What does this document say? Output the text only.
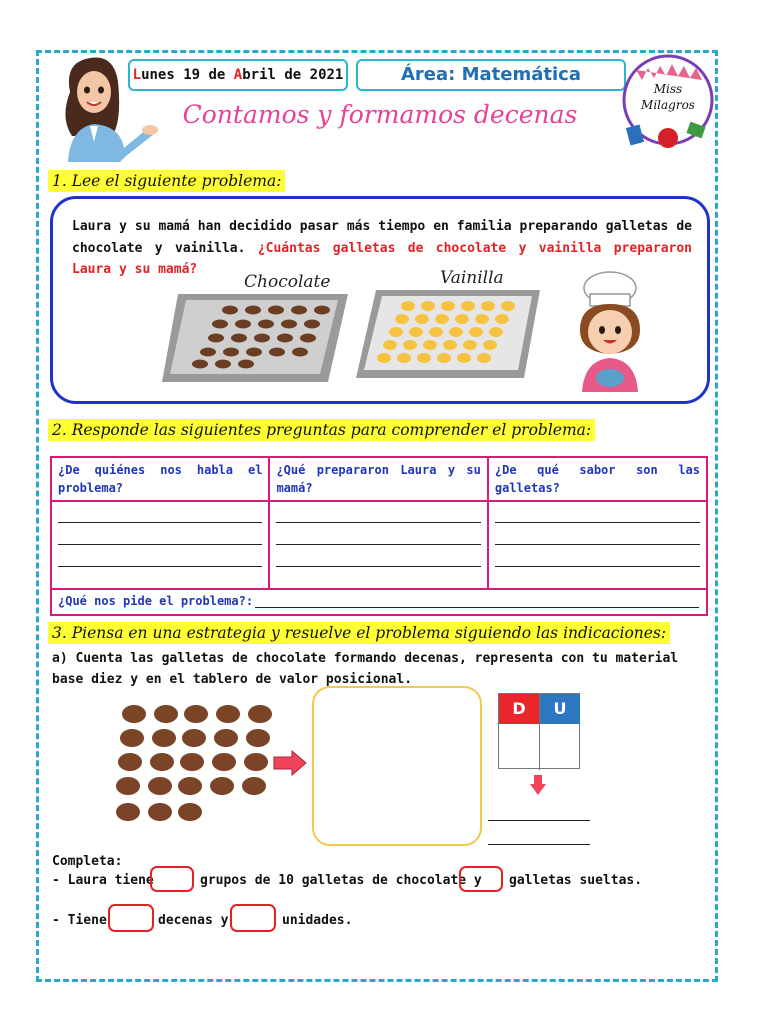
Lunes 19 de Abril de 2021	Área: Matemática
Contamos y formamos decenas
Miss
Milagros
1. Lee el siguiente problema:
Laura y su mamá han decidido pasar más tiempo en familia preparando galletas de chocolate y vainilla. ¿Cuántas galletas de chocolate y vainilla prepararon Laura y su mamá?
Chocolate	Vainilla
2. Responde las siguientes preguntas para comprender el problema:
¿De quiénes nos habla el problema?	¿Qué prepararon Laura y su mamá?	¿De qué sabor son las galletas?

¿Qué nos pide el problema?:		
3. Piensa en una estrategia y resuelve el problema siguiendo las indicaciones:
a) Cuenta las galletas de chocolate formando decenas, representa con tu material base diez y en el tablero de valor posicional.
D	U
Completa:
- Laura tiene	grupos de 10 galletas de chocolate y galletas sueltas.
- Tiene	decenas y	unidades.
